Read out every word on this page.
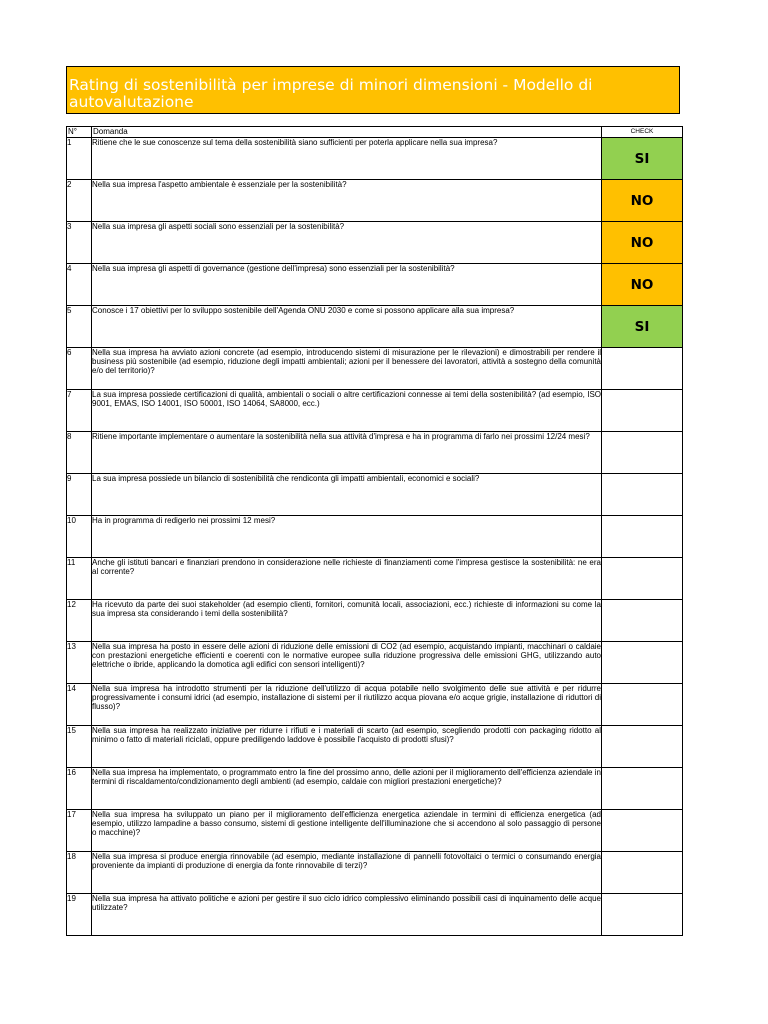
Rating di sostenibilità per imprese di minori dimensioni - Modello di autovalutazione
N°	Domanda	CHECK
1	Ritiene che le sue conoscenze sul tema della sostenibilità siano sufficienti per poterla applicare nella sua impresa?	SI

2	Nella sua impresa l'aspetto ambientale è essenziale per la sostenibilità?	NO

3	Nella sua impresa gli aspetti sociali sono essenziali per la sostenibilità?	NO

4	Nella sua impresa gli aspetti di governance (gestione dell'impresa) sono essenziali per la sostenibilità?	NO

5	Conosce i 17 obiettivi per lo sviluppo sostenibile dell'Agenda ONU 2030 e come si possono applicare alla sua impresa?	SI

6	Nella sua impresa ha avviato azioni concrete (ad esempio, introducendo sistemi di misurazione per le rilevazioni) e dimostrabili per rendere il business più sostenibile (ad esempio, riduzione degli impatti ambientali; azioni per il benessere dei lavoratori, attività a sostegno della comunità e/o del territorio)?	

7	La sua impresa possiede certificazioni di qualità, ambientali o sociali o altre certificazioni connesse ai temi della sostenibilità? (ad esempio, ISO 9001, EMAS, ISO 14001, ISO 50001, ISO 14064, SA8000, ecc.)	

8	Ritiene importante implementare o aumentare la sostenibilità nella sua attività d'impresa e ha in programma di farlo nei prossimi 12/24 mesi?	

9	La sua impresa possiede un bilancio di sostenibilità che rendiconta gli impatti ambientali, economici e sociali?	

10	Ha in programma di redigerlo nei prossimi 12 mesi?	

11	Anche gli istituti bancari e finanziari prendono in considerazione nelle richieste di finanziamenti come l'impresa gestisce la sostenibilità: ne era al corrente?	

12	Ha ricevuto da parte dei suoi stakeholder (ad esempio clienti, fornitori, comunità locali, associazioni, ecc.) richieste di informazioni su come la sua impresa sta considerando i temi della sostenibilità?	

13	Nella sua impresa ha posto in essere delle azioni di riduzione delle emissioni di CO2 (ad esempio, acquistando impianti, macchinari o caldaie con prestazioni energetiche efficienti e coerenti con le normative europee sulla riduzione progressiva delle emissioni GHG, utilizzando auto elettriche o ibride, applicando la domotica agli edifici con sensori intelligenti)?	

14	Nella sua impresa ha introdotto strumenti per la riduzione dell'utilizzo di acqua potabile nello svolgimento delle sue attività e per ridurre progressivamente i consumi idrici (ad esempio, installazione di sistemi per il riutilizzo acqua piovana e/o acque grigie, installazione di riduttori di flusso)?	

15	Nella sua impresa ha realizzato iniziative per ridurre i rifiuti e i materiali di scarto (ad esempio, scegliendo prodotti con packaging ridotto al minimo o fatto di materiali riciclati, oppure prediligendo laddove è possibile l'acquisto di prodotti sfusi)?	

16	Nella sua impresa ha implementato, o programmato entro la fine del prossimo anno, delle azioni per il miglioramento dell'efficienza aziendale in termini di riscaldamento/condizionamento degli ambienti (ad esempio, caldaie con migliori prestazioni energetiche)?	

17	Nella sua impresa ha sviluppato un piano per il miglioramento dell'efficienza energetica aziendale in termini di efficienza energetica (ad esempio, utilizzo lampadine a basso consumo, sistemi di gestione intelligente dell'illuminazione che si accendono al solo passaggio di persone o macchine)?	

18	Nella sua impresa si produce energia rinnovabile (ad esempio, mediante installazione di pannelli fotovoltaici o termici o consumando energia proveniente da impianti di produzione di energia da fonte rinnovabile di terzi)?	

19	Nella sua impresa ha attivato politiche e azioni per gestire il suo ciclo idrico complessivo eliminando possibili casi di inquinamento delle acque utilizzate?	
